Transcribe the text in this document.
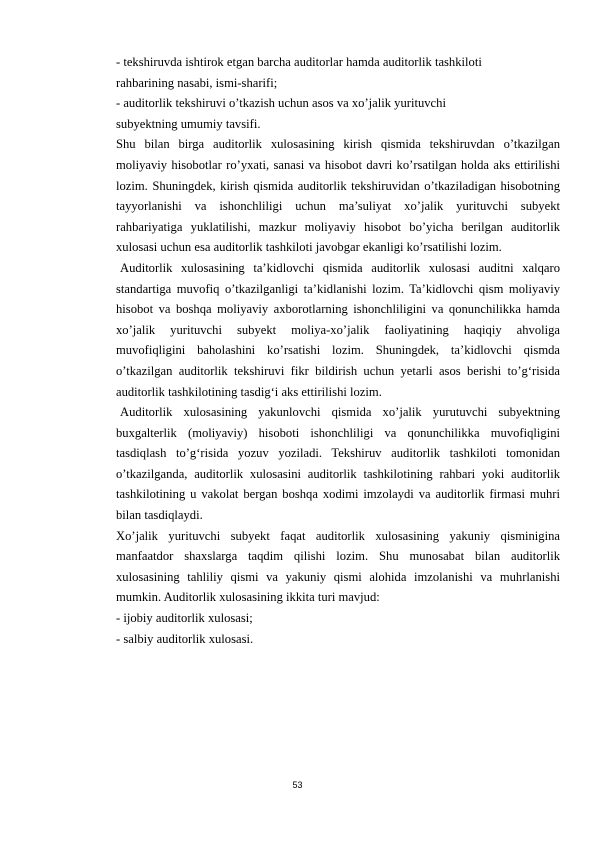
- tekshiruvda ishtirok etgan barcha auditorlar hamda auditorlik tashkiloti
rahbarining nasabi, ismi-sharifi;
- auditorlik tekshiruvi o’tkazish uchun asos va xo’jalik yurituvchi
subyektning umumiy tavsifi.

Shu bilan birga auditorlik xulosasining kirish qismida tekshiruvdan o’tkazilgan moliyaviy hisobotlar ro’yxati, sanasi va hisobot davri ko’rsatilgan holda aks ettirilishi lozim. Shuningdek, kirish qismida auditorlik tekshiruvidan o’tkaziladigan hisobotning tayyorlanishi va ishonchliligi uchun ma’suliyat xo’jalik yurituvchi subyekt rahbariyatiga yuklatilishi, mazkur moliyaviy hisobot bo’yicha berilgan auditorlik xulosasi uchun esa auditorlik tashkiloti javobgar ekanligi ko’rsatilishi lozim.

Auditorlik xulosasining ta’kidlovchi qismida auditorlik xulosasi auditni xalqaro standartiga muvofiq o’tkazilganligi ta’kidlanishi lozim. Ta’kidlovchi qism moliyaviy hisobot va boshqa moliyaviy axborotlarning ishonchliligini va qonunchilikka hamda xo’jalik yurituvchi subyekt moliya-xo’jalik faoliyatining haqiqiy ahvoliga muvofiqligini baholashini ko’rsatishi lozim. Shuningdek, ta’kidlovchi qismda o’tkazilgan auditorlik tekshiruvi fikr bildirish uchun yetarli asos berishi to’g‘risida auditorlik tashkilotining tasdig‘i aks ettirilishi lozim.

Auditorlik xulosasining yakunlovchi qismida xo’jalik yurutuvchi subyektning buxgalterlik (moliyaviy) hisoboti ishonchliligi va qonunchilikka muvofiqligini tasdiqlash to’g‘risida yozuv yoziladi. Tekshiruv auditorlik tashkiloti tomonidan o’tkazilganda, auditorlik xulosasini auditorlik tashkilotining rahbari yoki auditorlik tashkilotining u vakolat bergan boshqa xodimi imzolaydi va auditorlik firmasi muhri bilan tasdiqlaydi.

Xo’jalik yurituvchi subyekt faqat auditorlik xulosasining yakuniy qisminigina manfaatdor shaxslarga taqdim qilishi lozim. Shu munosabat bilan auditorlik xulosasining tahliliy qismi va yakuniy qismi alohida imzolanishi va muhrlanishi mumkin. Auditorlik xulosasining ikkita turi mavjud:

- ijobiy auditorlik xulosasi;
- salbiy auditorlik xulosasi.
53
